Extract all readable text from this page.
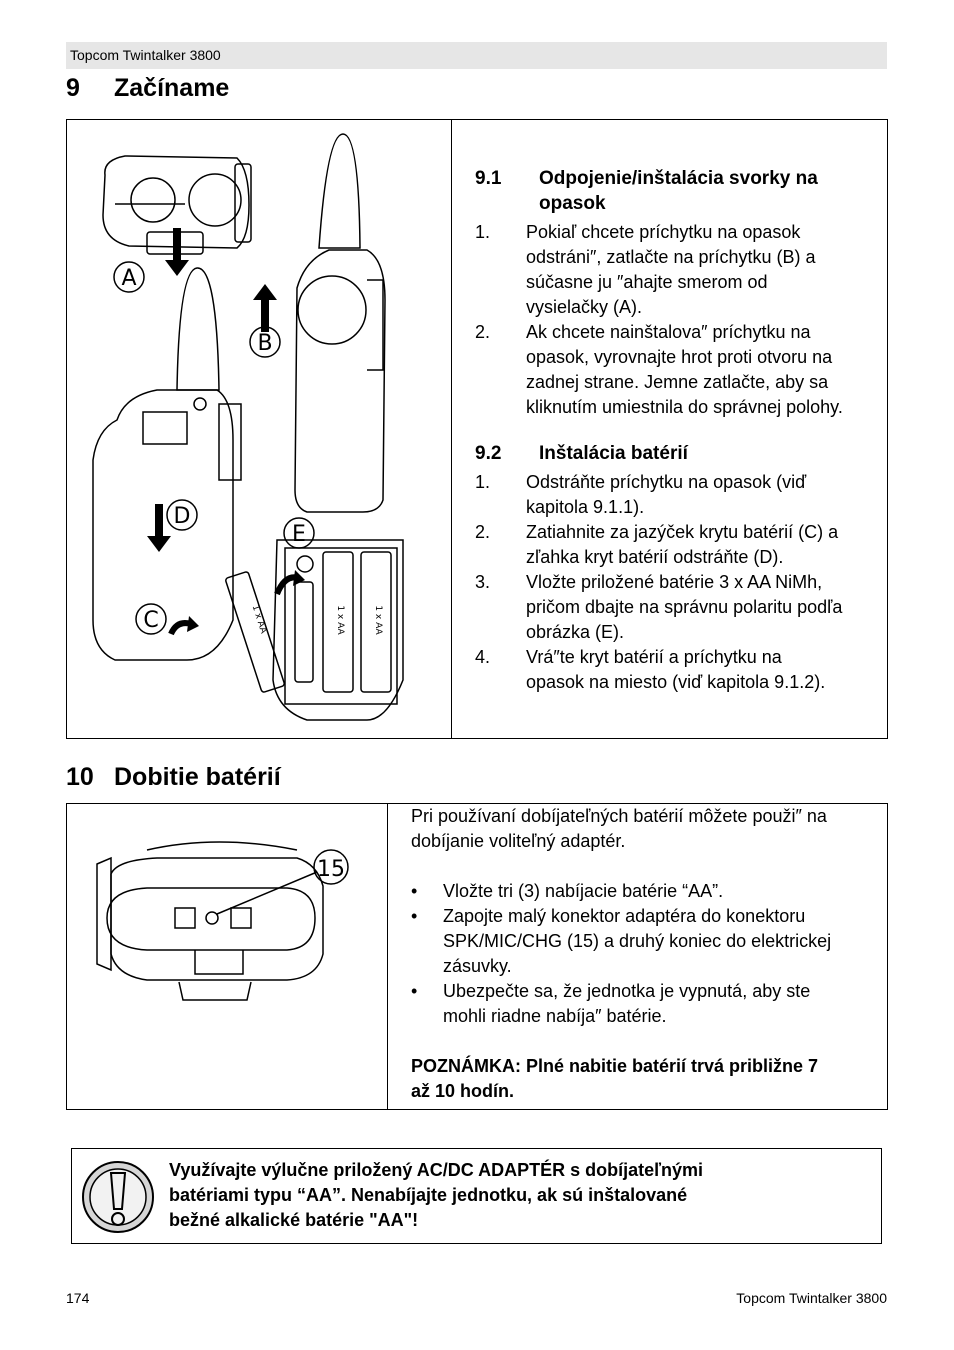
Topcom Twintalker 3800
9 Začíname
A
B
D
C
E
1 x AA	1 x AA
1 x AA
9.1	Odpojenie/inštalácia svorky na
opasok
1.	Pokiaľ chcete príchytku na opasok
odstráni″, zatlačte na príchytku (B) a
súčasne ju ″ahajte smerom od
vysielačky (A).
2.	Ak chcete nainštalova″ príchytku na
opasok, vyrovnajte hrot proti otvoru na
zadnej strane. Jemne zatlačte, aby sa
kliknutím umiestnila do správnej polohy.
9.2	Inštalácia batérií
1.	Odstráňte príchytku na opasok (viď
kapitola 9.1.1).
2.	Zatiahnite za jazýček krytu batérií (C) a
zľahka kryt batérií odstráňte (D).
3.	Vložte priložené batérie 3 x AA NiMh,
pričom dbajte na správnu polaritu podľa
obrázka (E).
4.	Vrá″te kryt batérií a príchytku na
opasok na miesto (viď kapitola 9.1.2).
10 Dobitie batérií
15
Pri používaní dobíjateľných batérií môžete použi″ na
dobíjanie voliteľný adaptér.
•	Vložte tri (3) nabíjacie batérie “AA”.
•	Zapojte malý konektor adaptéra do konektoru
SPK/MIC/CHG (15) a druhý koniec do elektrickej
zásuvky.
•	Ubezpečte sa, že jednotka je vypnutá, aby ste
mohli riadne nabíja″ batérie.
POZNÁMKA: Plné nabitie batérií trvá približne 7
až 10 hodín.
Využívajte výlučne priložený AC/DC ADAPTÉR s dobíjateľnými
batériami typu “AA”. Nenabíjajte jednotku, ak sú inštalované
bežné alkalické batérie "AA"!
174	Topcom Twintalker 3800
